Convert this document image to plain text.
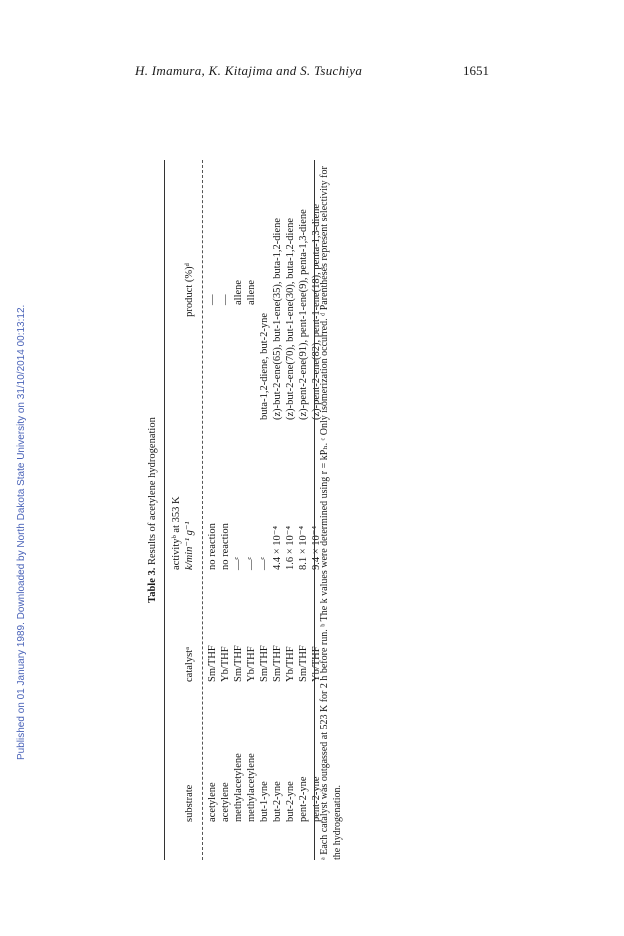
Published on 01 January 1989. Downloaded by North Dakota State University on 31/10/2014 00:13:12.
H. Imamura, K. Kitajima and S. Tsuchiya	1651
Table 3. Results of acetylene hydrogenation
substrate
catalystᵃ
activityᵇ at 353 K k/min⁻¹ g⁻¹
product (%)ᵈ
acetylene
Sm/THF
no reaction
—
acetylene
Yb/THF
no reaction
—
methylacetylene
Sm/THF
—ᶜ
allene
methylacetylene
Yb/THF
—ᶜ
allene
but-1-yne
Sm/THF
—ᶜ
buta-1,2-diene, but-2-yne
but-2-yne
Sm/THF
4.4 × 10⁻⁴
(z)-but-2-ene(65), but-1-ene(35), buta-1,2-diene
but-2-yne
Yb/THF
1.6 × 10⁻⁴
(z)-but-2-ene(70), but-1-ene(30), buta-1,2-diene
pent-2-yne
Sm/THF
8.1 × 10⁻⁴
(z)-pent-2-ene(91), pent-1-ene(9), penta-1,3-diene
pent-2-yne
Yb/THF
9.4 × 10⁻⁴
(z)-pent-2-ene(82), pent-1-ene(18), penta-1,3-diene
ᵃ Each catalyst was outgassed at 523 K for 2 h before run. ᵇ The k values were determined using r = kPₕ. ᶜ Only isomerization occurred. ᵈ Parentheses represent selectivity for the hydrogenation.
